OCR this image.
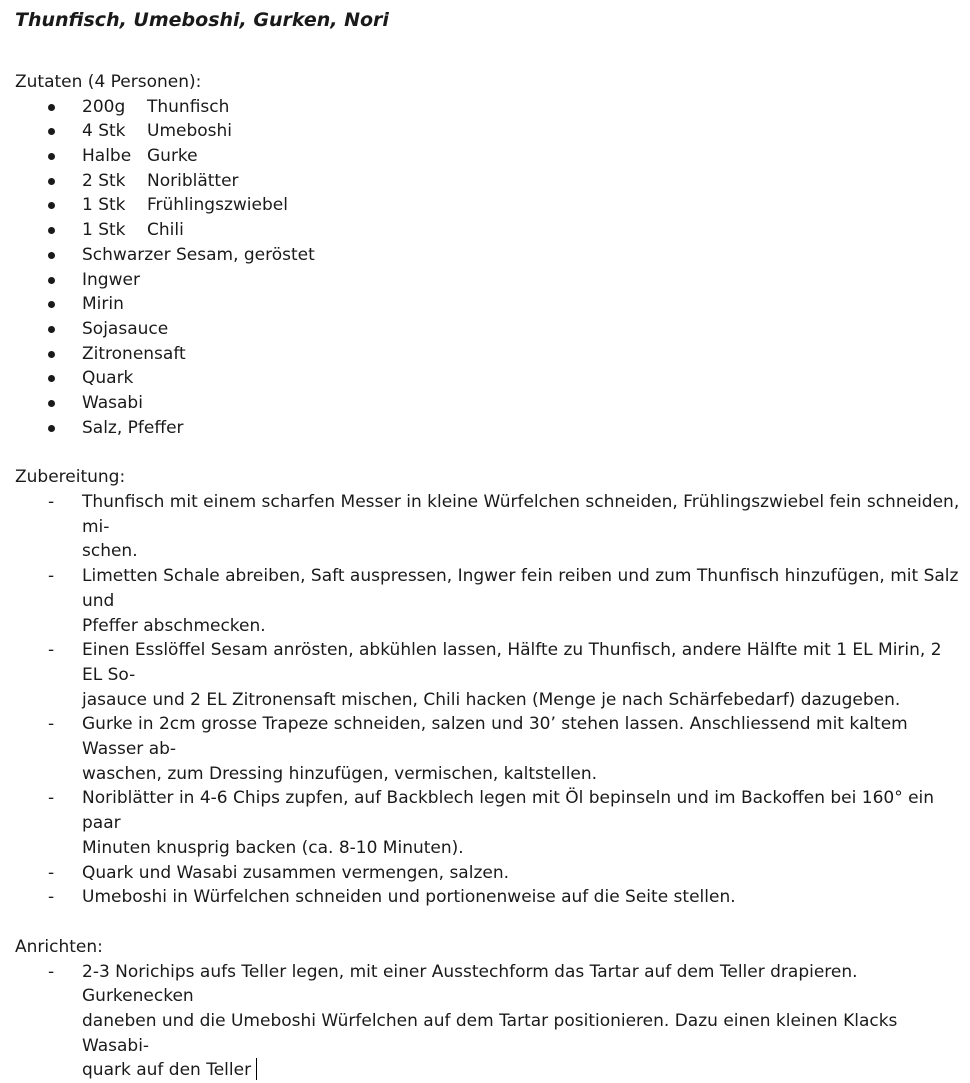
Thunfisch, Umeboshi, Gurken, Nori
Zutaten (4 Personen):
200g Thunfisch
4 Stk Umeboshi
Halbe Gurke
2 Stk Noriblätter
1 Stk Frühlingszwiebel
1 Stk Chili
Schwarzer Sesam, geröstet
Ingwer
Mirin
Sojasauce
Zitronensaft
Quark
Wasabi
Salz, Pfeffer
Zubereitung:
- Thunfisch mit einem scharfen Messer in kleine Würfelchen schneiden, Frühlingszwiebel fein schneiden, mi-
schen.
- Limetten Schale abreiben, Saft auspressen, Ingwer fein reiben und zum Thunfisch hinzufügen, mit Salz und
Pfeffer abschmecken.
- Einen Esslöffel Sesam anrösten, abkühlen lassen, Hälfte zu Thunfisch, andere Hälfte mit 1 EL Mirin, 2 EL So-
jasauce und 2 EL Zitronensaft mischen, Chili hacken (Menge je nach Schärfebedarf) dazugeben.
- Gurke in 2cm grosse Trapeze schneiden, salzen und 30’ stehen lassen. Anschliessend mit kaltem Wasser ab-
waschen, zum Dressing hinzufügen, vermischen, kaltstellen.
- Noriblätter in 4-6 Chips zupfen, auf Backblech legen mit Öl bepinseln und im Backoffen bei 160° ein paar
Minuten knusprig backen (ca. 8-10 Minuten).
- Quark und Wasabi zusammen vermengen, salzen.
- Umeboshi in Würfelchen schneiden und portionenweise auf die Seite stellen.
Anrichten:
- 2-3 Norichips aufs Teller legen, mit einer Ausstechform das Tartar auf dem Teller drapieren. Gurkenecken
daneben und die Umeboshi Würfelchen auf dem Tartar positionieren. Dazu einen kleinen Klacks Wasabi-
quark auf den Teller
